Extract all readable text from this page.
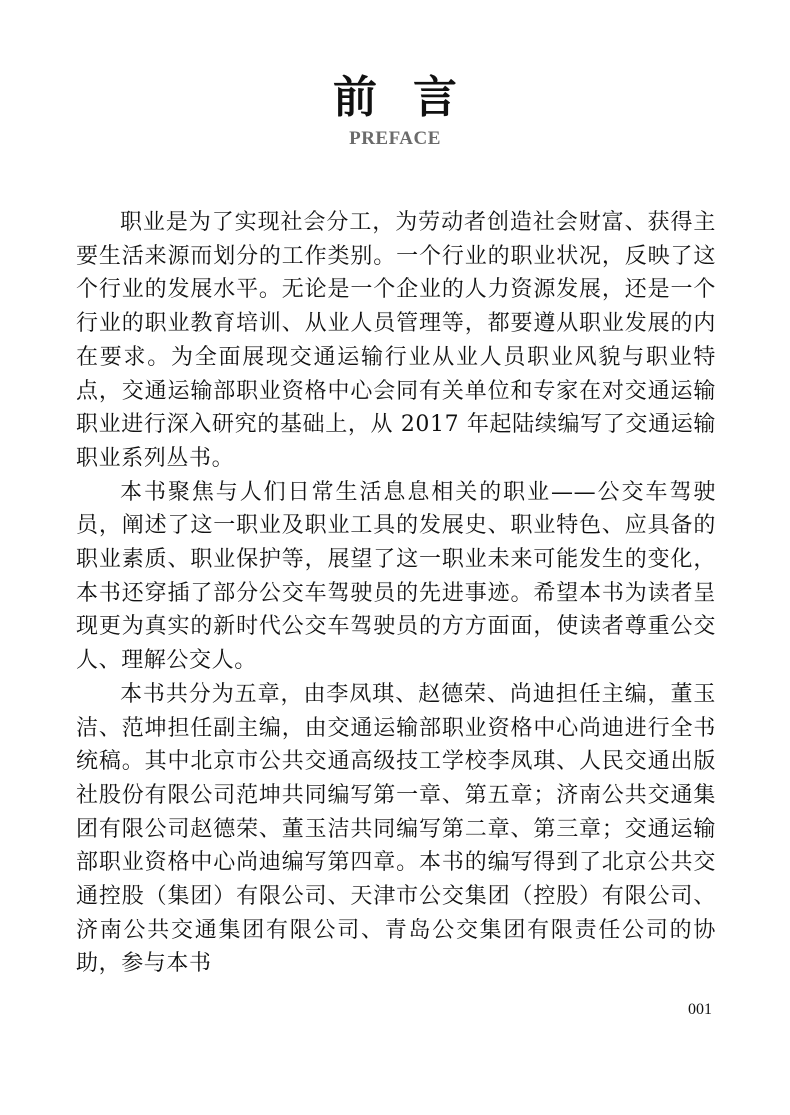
前言
PREFACE

职业是为了实现社会分工，为劳动者创造社会财富、获得主要生活来源而划分的工作类别。一个行业的职业状况，反映了这个行业的发展水平。无论是一个企业的人力资源发展，还是一个行业的职业教育培训、从业人员管理等，都要遵从职业发展的内在要求。为全面展现交通运输行业从业人员职业风貌与职业特点，交通运输部职业资格中心会同有关单位和专家在对交通运输职业进行深入研究的基础上，从 2017 年起陆续编写了交通运输职业系列丛书。

本书聚焦与人们日常生活息息相关的职业——公交车驾驶员，阐述了这一职业及职业工具的发展史、职业特色、应具备的职业素质、职业保护等，展望了这一职业未来可能发生的变化，本书还穿插了部分公交车驾驶员的先进事迹。希望本书为读者呈现更为真实的新时代公交车驾驶员的方方面面，使读者尊重公交人、理解公交人。

本书共分为五章，由李凤琪、赵德荣、尚迪担任主编，董玉洁、范坤担任副主编，由交通运输部职业资格中心尚迪进行全书统稿。其中北京市公共交通高级技工学校李凤琪、人民交通出版社股份有限公司范坤共同编写第一章、第五章；济南公共交通集团有限公司赵德荣、董玉洁共同编写第二章、第三章；交通运输部职业资格中心尚迪编写第四章。本书的编写得到了北京公共交通控股（集团）有限公司、天津市公交集团（控股）有限公司、济南公共交通集团有限公司、青岛公交集团有限责任公司的协助，参与本书

001
